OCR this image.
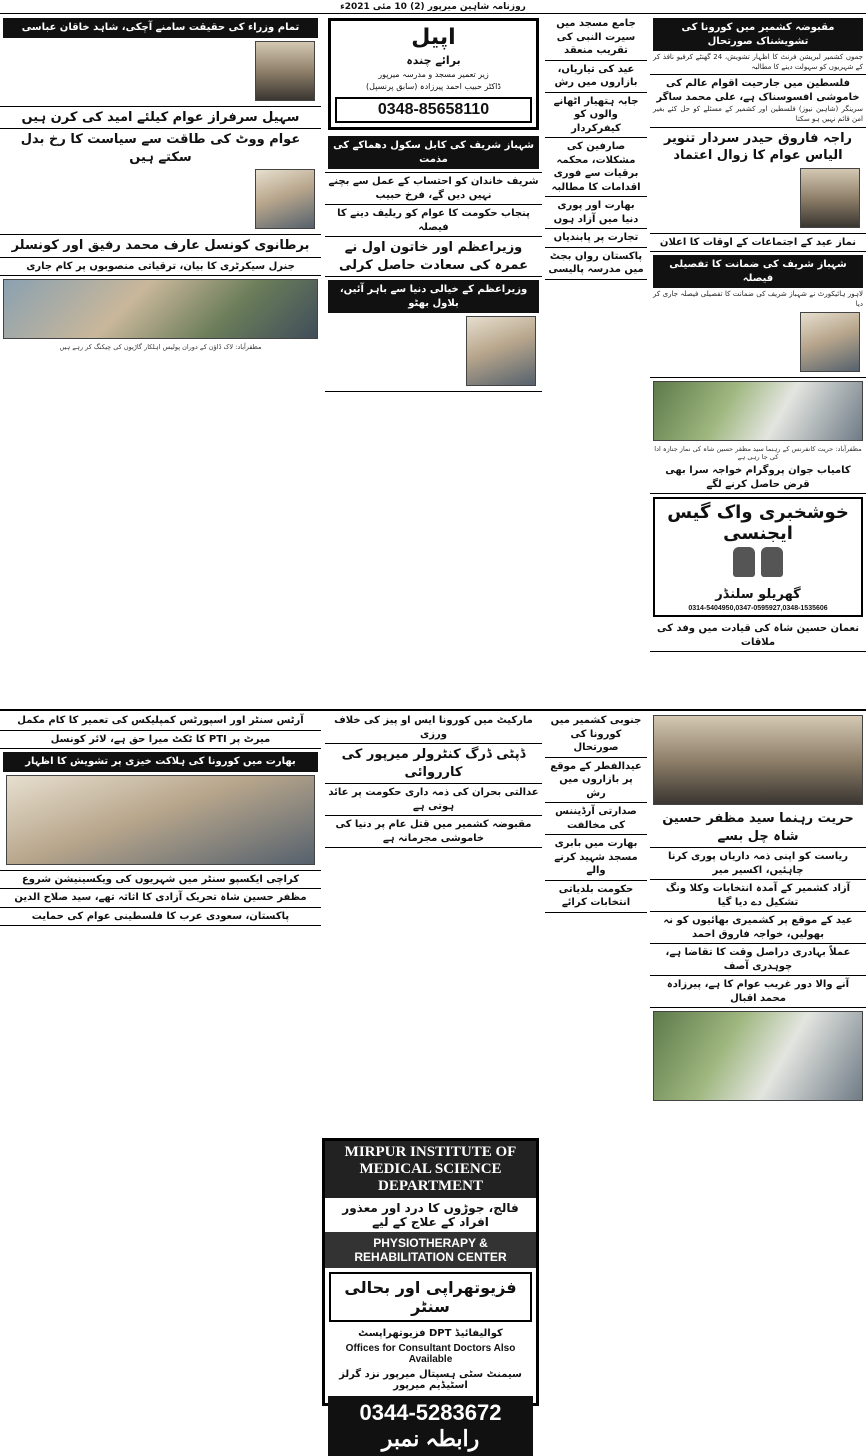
روزنامہ شاہین میرپور (2) 10 مئی 2021ء
مقبوضہ کشمیر میں کورونا کی تشویشناک صورتحال
جموں کشمیر لبریشن فرنٹ کا اظہار تشویش، 24 گھنٹے کرفیو نافذ کر کے شہریوں کو سہولت دینے کا مطالبہ
فلسطین میں جارحیت اقوام عالم کی خاموشی افسوسناک ہے، علی محمد ساگر
سرینگر (شاہین نیوز) فلسطین اور کشمیر کے مسئلے کو حل کئے بغیر امن قائم نہیں ہو سکتا
راجہ فاروق حیدر سردار تنویر الیاس عوام کا زوال اعتماد
نماز عید کے اجتماعات کے اوقات کا اعلان
شہباز شریف کی ضمانت کا تفصیلی فیصلہ
لاہور ہائیکورٹ نے شہباز شریف کی ضمانت کا تفصیلی فیصلہ جاری کر دیا
مظفرآباد: حریت کانفرنس کے رہنما سید مظفر حسین شاہ کی نماز جنازہ ادا کی جا رہی ہے
کامیاب جوان پروگرام خواجہ سرا بھی قرض حاصل کرنے لگے
خوشخبری واک گیس ایجنسی
گھریلو سلنڈر
0314-5404950,0347-0595927,0348-1535606
نعمان حسین شاہ کی قیادت میں وفد کی ملاقات
جامع مسجد میں سیرت النبی کی تقریب منعقد
عید کی تیاریاں، بازاروں میں رش
جابہ ہتھیار اٹھانے والوں کو کیفرکردار
صارفین کی مشکلات، محکمہ برقیات سے فوری اقدامات کا مطالبہ
بھارت اور پوری دنیا میں آزاد ہوں
تجارت پر پابندیاں
پاکستان رواں بجٹ میں مدرسہ پالیسی
اپیل
برائے چندہ
زیر تعمیر مسجد و مدرسہ میرپور
ڈاکٹر حبیب احمد پیرزادہ (سابق پرنسپل)
0348-85658110
شہباز شریف کی کابل سکول دھماکے کی مذمت
شریف خاندان کو احتساب کے عمل سے بچنے نہیں دیں گے، فرخ حبیب
پنجاب حکومت کا عوام کو ریلیف دینے کا فیصلہ
وزیراعظم اور خاتون اول نے عمرہ کی سعادت حاصل کرلی
وزیراعظم کے خیالی دنیا سے باہر آئیں، بلاول بھٹو
تمام وزراء کی حقیقت سامنے آچکی، شاہد خاقان عباسی
سہیل سرفراز عوام کیلئے امید کی کرن ہیں
عوام ووٹ کی طاقت سے سیاست کا رخ بدل سکتے ہیں
برطانوی کونسل عارف محمد رفیق اور کونسلر
جنرل سیکرٹری کا بیان، ترقیاتی منصوبوں پر کام جاری
مظفرآباد: لاک ڈاؤن کے دوران پولیس اہلکار گاڑیوں کی چیکنگ کر رہے ہیں
حریت رہنما سید مظفر حسین شاہ چل بسے
ریاست کو اپنی ذمہ داریاں پوری کرنا چاہئیں، اکسیر میر
آزاد کشمیر کے آمدہ انتخابات وکلا ونگ تشکیل دے دیا گیا
عید کے موقع پر کشمیری بھائیوں کو نہ بھولیں، خواجہ فاروق احمد
عملاً بہادری دراصل وقت کا تقاضا ہے، چوہدری آصف
آنے والا دور غریب عوام کا ہے، پیرزادہ محمد اقبال
جنوبی کشمیر میں کورونا کی صورتحال
عیدالفطر کے موقع پر بازاروں میں رش
صدارتی آرڈیننس کی مخالفت
بھارت میں بابری مسجد شہید کرنے والے
حکومت بلدیاتی انتخابات کرائے
مارکیٹ میں کورونا ایس او پیز کی خلاف ورزی
ڈپٹی ڈرگ کنٹرولر میرپور کی کارروائی
عدالتی بحران کی ذمہ داری حکومت پر عائد ہوتی ہے
مقبوضہ کشمیر میں قتل عام پر دنیا کی خاموشی مجرمانہ ہے
آرٹس سنٹر اور اسپورٹس کمپلیکس کی تعمیر کا کام مکمل
میرٹ پر PTI کا ٹکٹ میرا حق ہے، لائر کونسل
بھارت میں کورونا کی ہلاکت خیزی پر تشویش کا اظہار
کراچی ایکسپو سنٹر میں شہریوں کی ویکسینیشن شروع
مظفر حسین شاہ تحریک آزادی کا اثاثہ تھے، سید صلاح الدین
پاکستان، سعودی عرب کا فلسطینی عوام کی حمایت
MIRPUR INSTITUTE OF MEDICAL SCIENCE DEPARTMENT
فالج، جوڑوں کا درد اور معذور افراد کے علاج کے لیے
PHYSIOTHERAPY & REHABILITATION CENTER
فزیوتھراپی اور بحالی سنٹر
کوالیفائیڈ DPT فزیوتھراپسٹ
Offices for Consultant Doctors Also Available
سیمنٹ سٹی ہسپتال میرپور نزد گرلز اسٹیڈیم میرپور
0344-5283672 رابطہ نمبر
